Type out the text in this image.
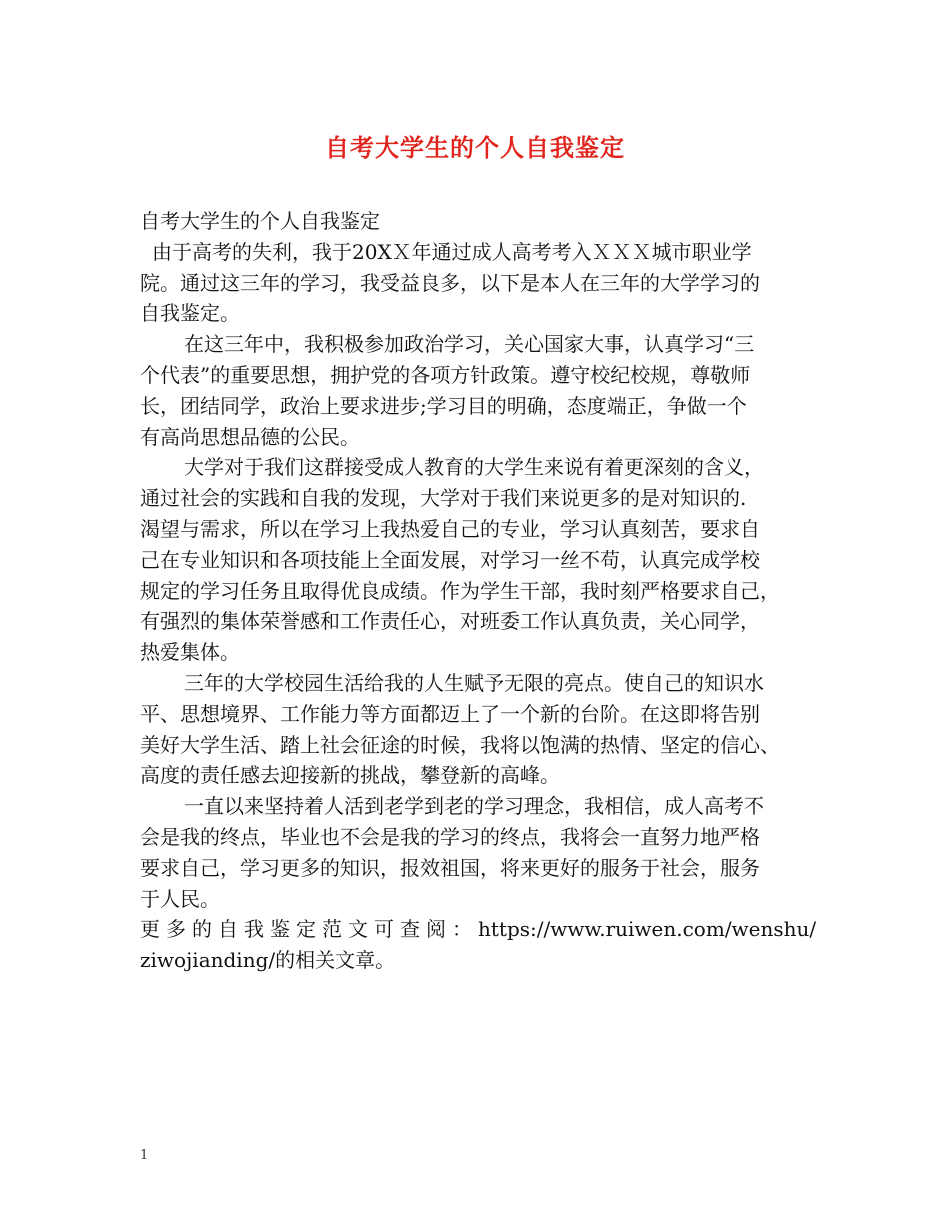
自考大学生的个人自我鉴定
自考大学生的个人自我鉴定
由于高考的失利，我于20XＸ年通过成人高考考入ＸＸＸ城市职业学
院。通过这三年的学习，我受益良多，以下是本人在三年的大学学习的
自我鉴定。
在这三年中，我积极参加政治学习，关心国家大事，认真学习“三
个代表”的重要思想，拥护党的各项方针政策。遵守校纪校规，尊敬师
长，团结同学，政治上要求进步;学习目的明确，态度端正，争做一个
有高尚思想品德的公民。
大学对于我们这群接受成人教育的大学生来说有着更深刻的含义，
通过社会的实践和自我的发现，大学对于我们来说更多的是对知识的.
渴望与需求，所以在学习上我热爱自己的专业，学习认真刻苦，要求自
己在专业知识和各项技能上全面发展，对学习一丝不苟，认真完成学校
规定的学习任务且取得优良成绩。作为学生干部，我时刻严格要求自己，
有强烈的集体荣誉感和工作责任心，对班委工作认真负责，关心同学，
热爱集体。
三年的大学校园生活给我的人生赋予无限的亮点。使自己的知识水
平、思想境界、工作能力等方面都迈上了一个新的台阶。在这即将告别
美好大学生活、踏上社会征途的时候，我将以饱满的热情、坚定的信心、
高度的责任感去迎接新的挑战，攀登新的高峰。
一直以来坚持着人活到老学到老的学习理念，我相信，成人高考不
会是我的终点，毕业也不会是我的学习的终点，我将会一直努力地严格
要求自己，学习更多的知识，报效祖国，将来更好的服务于社会，服务
于人民。
更多的自我鉴定范文可查阅：https://www.ruiwen.com/wenshu/
ziwojianding/的相关文章。
1
